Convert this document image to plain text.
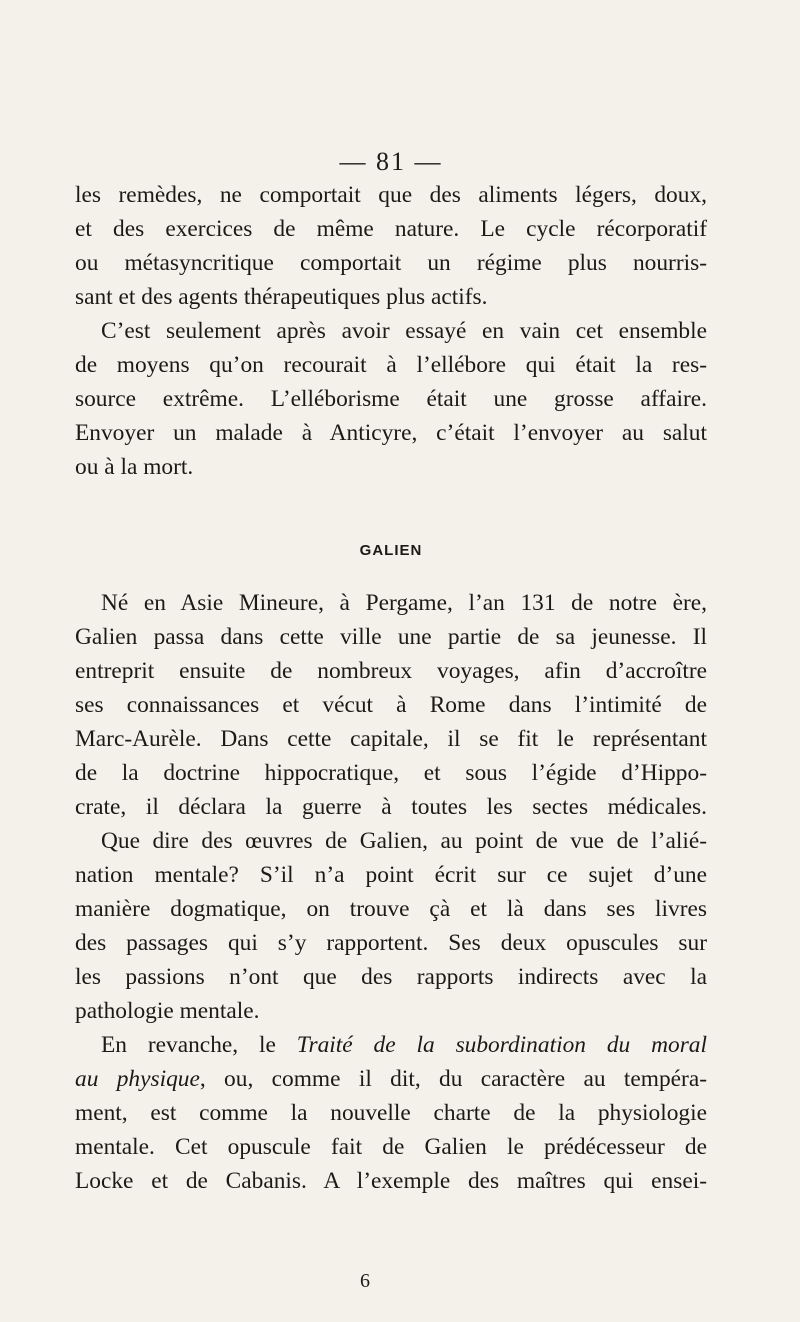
— 81 —
les remèdes, ne comportait que des aliments légers, doux,
et des exercices de même nature. Le cycle récorporatif
ou métasyncritique comportait un régime plus nourris-
sant et des agents thérapeutiques plus actifs.
C’est seulement après avoir essayé en vain cet ensemble
de moyens qu’on recourait à l’ellébore qui était la res-
source extrême. L’elléborisme était une grosse affaire.
Envoyer un malade à Anticyre, c’était l’envoyer au salut
ou à la mort.
GALIEN
Né en Asie Mineure, à Pergame, l’an 131 de notre ère,
Galien passa dans cette ville une partie de sa jeunesse. Il
entreprit ensuite de nombreux voyages, afin d’accroître
ses connaissances et vécut à Rome dans l’intimité de
Marc-Aurèle. Dans cette capitale, il se fit le représentant
de la doctrine hippocratique, et sous l’égide d’Hippo-
crate, il déclara la guerre à toutes les sectes médicales.
Que dire des œuvres de Galien, au point de vue de l’alié-
nation mentale? S’il n’a point écrit sur ce sujet d’une
manière dogmatique, on trouve çà et là dans ses livres
des passages qui s’y rapportent. Ses deux opuscules sur
les passions n’ont que des rapports indirects avec la
pathologie mentale.
En revanche, le Traité de la subordination du moral
au physique, ou, comme il dit, du caractère au tempéra-
ment, est comme la nouvelle charte de la physiologie
mentale. Cet opuscule fait de Galien le prédécesseur de
Locke et de Cabanis. A l’exemple des maîtres qui ensei-
6
